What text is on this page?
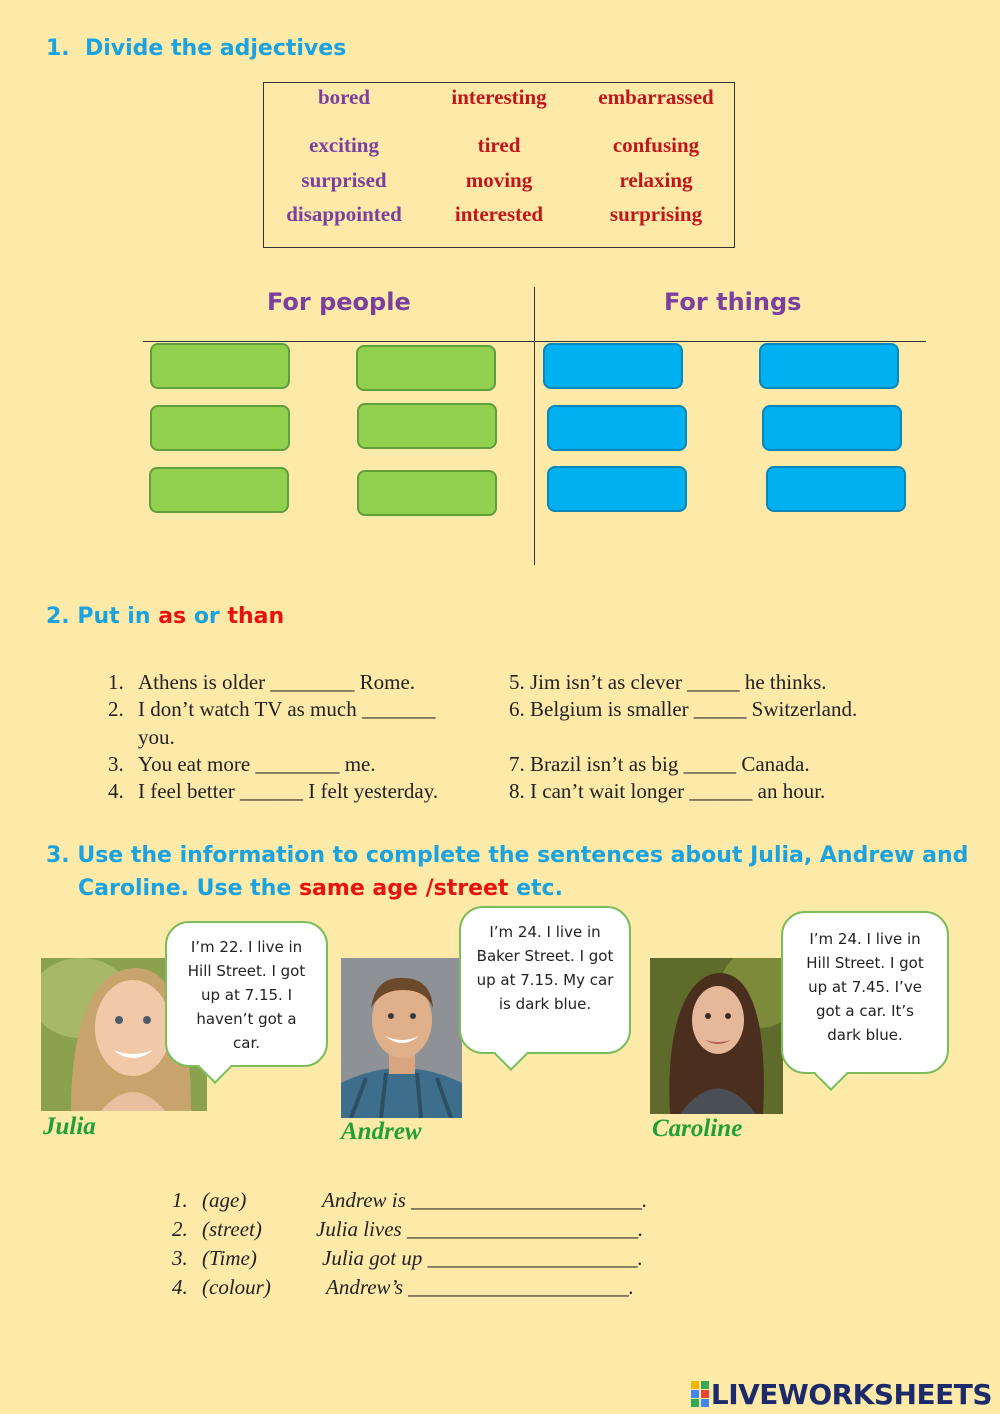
1. Divide the adjectives
bored	interesting	embarrassed
exciting	tired	confusing
surprised	moving	relaxing
disappointed	interested	surprising
For people	For things
2. Put in as or than
1. Athens is older ________ Rome.
2. I don’t watch TV as much _______
you.
3. You eat more ________ me.
4. I feel better ______ I felt yesterday.
5. Jim isn’t as clever _____ he thinks.
6. Belgium is smaller _____ Switzerland.
7. Brazil isn’t as big _____ Canada.
8. I can’t wait longer ______ an hour.
3. Use the information to complete the sentences about Julia, Andrew and
Caroline. Use the same age /street etc.
I’m 22. I live in Hill Street. I got up at 7.15. I haven’t got a car.
Julia
I’m 24. I live in Baker Street. I got up at 7.15. My car is dark blue.
Andrew
I’m 24. I live in Hill Street. I got up at 7.45. I’ve got a car. It’s dark blue.
Caroline
1. (age)	Andrew is ______________________.
2. (street)	Julia lives ______________________.
3. (Time)	Julia got up ____________________.
4. (colour)	Andrew’s _____________________.
LIVEWORKSHEETS
